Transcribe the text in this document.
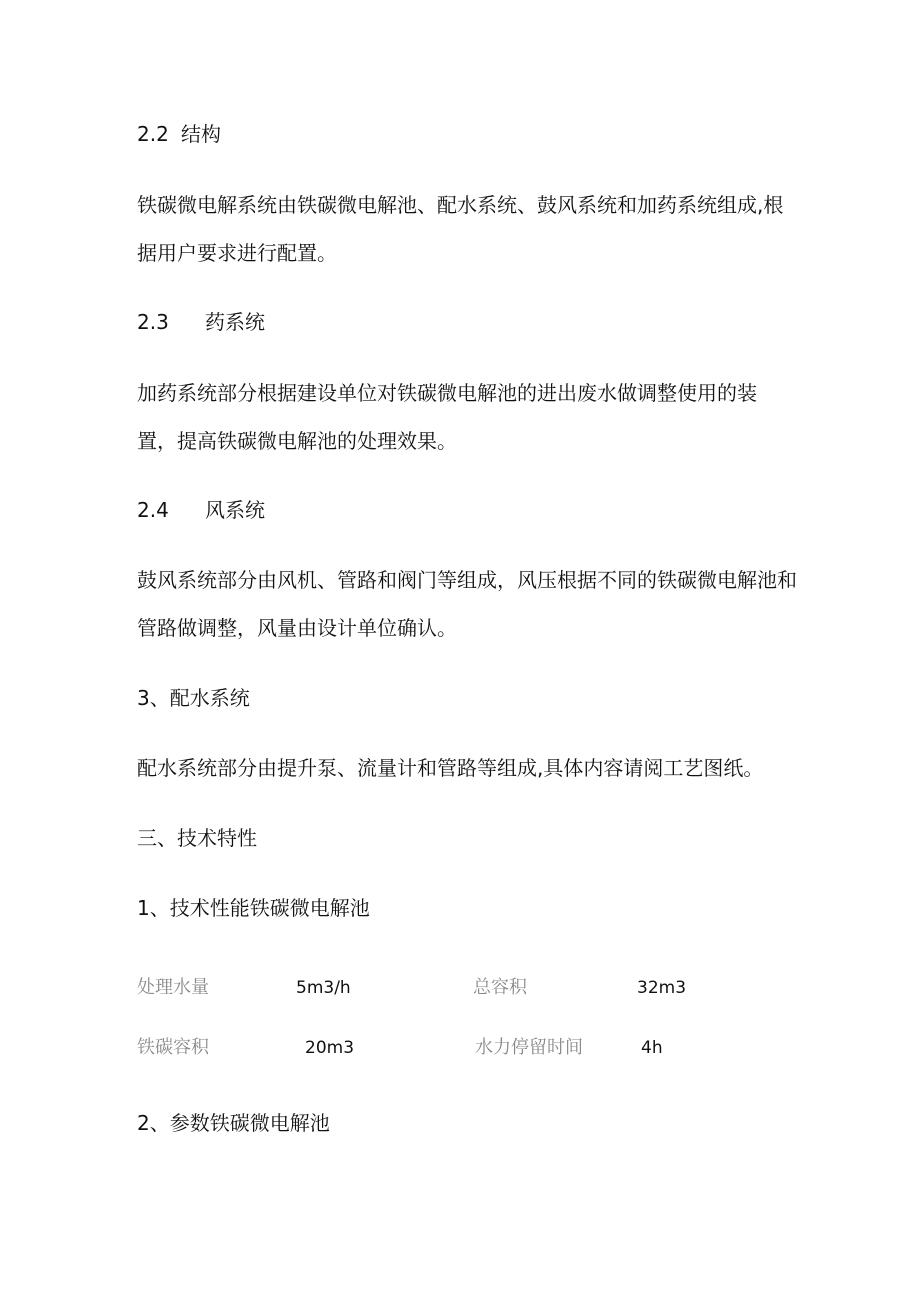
2.2 结构
铁碳微电解系统由铁碳微电解池、配水系统、鼓风系统和加药系统组成,根
据用户要求进行配置。
2.3 药系统
加药系统部分根据建设单位对铁碳微电解池的进出废水做调整使用的装
置，提高铁碳微电解池的处理效果。
2.4 风系统
鼓风系统部分由风机、管路和阀门等组成，风压根据不同的铁碳微电解池和
管路做调整，风量由设计单位确认。
3、配水系统
配水系统部分由提升泵、流量计和管路等组成,具体内容请阅工艺图纸。
三、技术特性
1、技术性能铁碳微电解池
处理水量	5m3/h	总容积	32m3
铁碳容积	20m3	水力停留时间	4h
2、参数铁碳微电解池
